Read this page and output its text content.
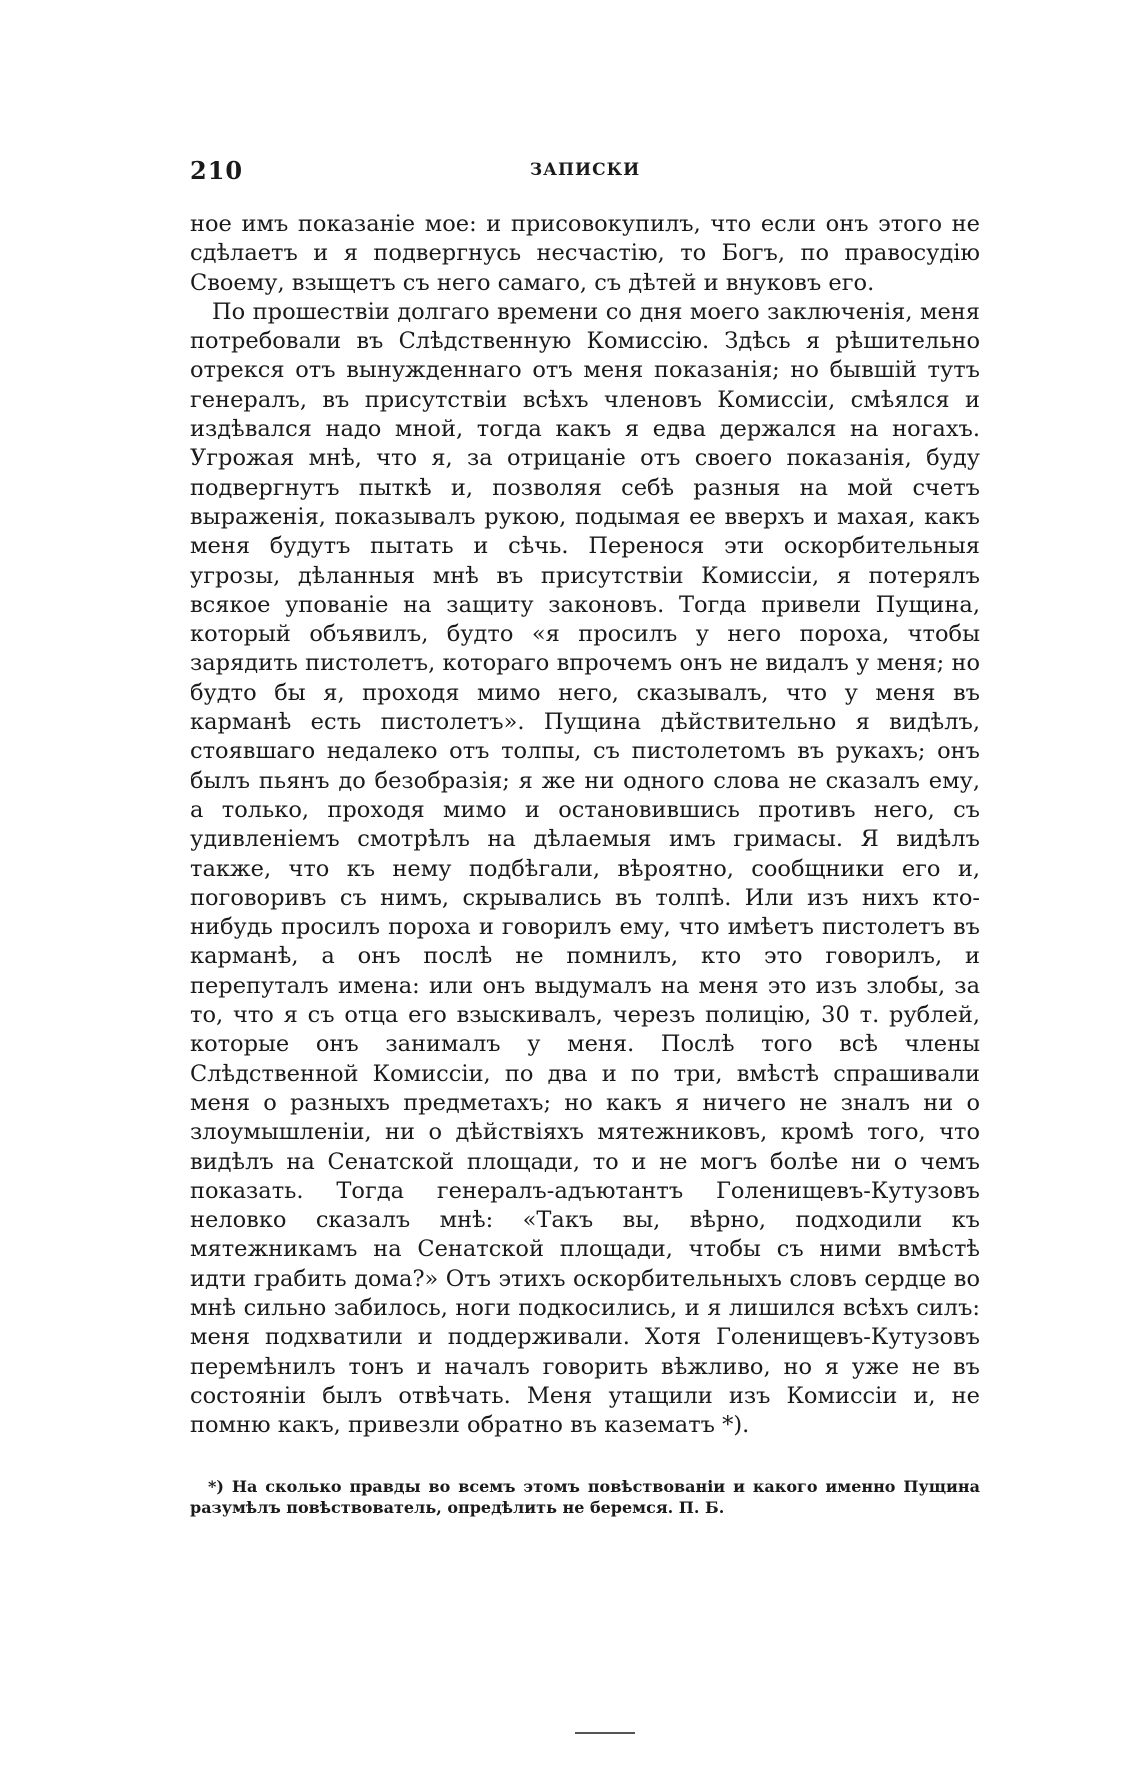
210	ЗАПИСКИ

ное имъ показаніе мое: и присовокупилъ, что если онъ этого не сдѣлаетъ и я подвергнусь несчастію, то Богъ, по правосудію Своему, взыщетъ съ него самаго, съ дѣтей и внуковъ его.

По прошествіи долгаго времени со дня моего заключенія, меня потребовали въ Слѣдственную Комиссію. Здѣсь я рѣшительно отрекся отъ вынужденнаго отъ меня показанія; но бывшій тутъ генералъ, въ присутствіи всѣхъ членовъ Комиссіи, смѣялся и издѣвался надо мной, тогда какъ я едва держался на ногахъ. Угрожая мнѣ, что я, за отрицаніе отъ своего показанія, буду подвергнутъ пыткѣ и, позволяя себѣ разныя на мой счетъ выраженія, показывалъ рукою, подымая ее вверхъ и махая, какъ меня будутъ пытать и сѣчь. Перенося эти оскорбительныя угрозы, дѣланныя мнѣ въ присутствіи Комиссіи, я потерялъ всякое упованіе на защиту законовъ. Тогда привели Пущина, который объявилъ, будто «я просилъ у него пороха, чтобы зарядить пистолетъ, котораго впрочемъ онъ не видалъ у меня; но будто бы я, проходя мимо него, сказывалъ, что у меня въ карманѣ есть пистолетъ». Пущина дѣйствительно я видѣлъ, стоявшаго недалеко отъ толпы, съ пистолетомъ въ рукахъ; онъ былъ пьянъ до безобразія; я же ни одного слова не сказалъ ему, а только, проходя мимо и остановившись противъ него, съ удивленіемъ смотрѣлъ на дѣлаемыя имъ гримасы. Я видѣлъ также, что къ нему подбѣгали, вѣроятно, сообщники его и, поговоривъ съ нимъ, скрывались въ толпѣ. Или изъ нихъ кто-нибудь просилъ пороха и говорилъ ему, что имѣетъ пистолетъ въ карманѣ, а онъ послѣ не помнилъ, кто это говорилъ, и перепуталъ имена: или онъ выдумалъ на меня это изъ злобы, за то, что я съ отца его взыскивалъ, черезъ полицію, 30 т. рублей, которые онъ занималъ у меня. Послѣ того всѣ члены Слѣдственной Комиссіи, по два и по три, вмѣстѣ спрашивали меня о разныхъ предметахъ; но какъ я ничего не зналъ ни о злоумышленіи, ни о дѣйствіяхъ мятежниковъ, кромѣ того, что видѣлъ на Сенатской площади, то и не могъ болѣе ни о чемъ показать. Тогда генералъ-адъютантъ Голенищевъ-Кутузовъ неловко сказалъ мнѣ: «Такъ вы, вѣрно, подходили къ мятежникамъ на Сенатской площади, чтобы съ ними вмѣстѣ идти грабить дома?» Отъ этихъ оскорбительныхъ словъ сердце во мнѣ сильно забилось, ноги подкосились, и я лишился всѣхъ силъ: меня подхватили и поддерживали. Хотя Голенищевъ-Кутузовъ перемѣнилъ тонъ и началъ говорить вѣжливо, но я уже не въ состояніи былъ отвѣчать. Меня утащили изъ Комиссіи и, не помню какъ, привезли обратно въ казематъ *).

*) На сколько правды во всемъ этомъ повѣствованіи и какого именно Пущина разумѣлъ повѣствователь, опредѣлить не беремся. П. Б.
